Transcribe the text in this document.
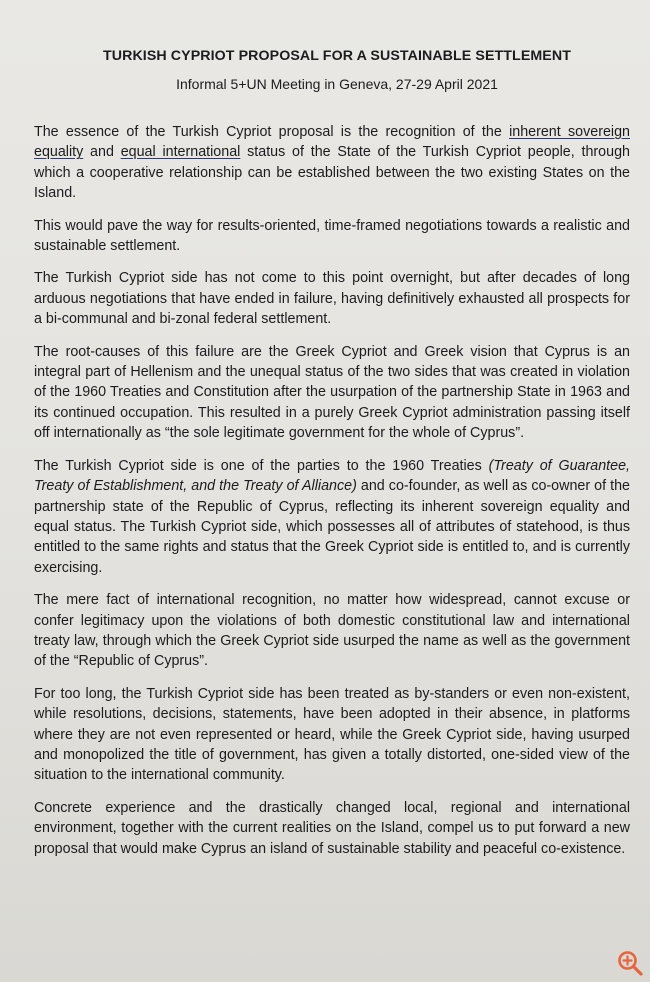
TURKISH CYPRIOT PROPOSAL FOR A SUSTAINABLE SETTLEMENT
Informal 5+UN Meeting in Geneva, 27-29 April 2021

The essence of the Turkish Cypriot proposal is the recognition of the inherent sovereign equality and equal international status of the State of the Turkish Cypriot people, through which a cooperative relationship can be established between the two existing States on the Island.

This would pave the way for results-oriented, time-framed negotiations towards a realistic and sustainable settlement.

The Turkish Cypriot side has not come to this point overnight, but after decades of long arduous negotiations that have ended in failure, having definitively exhausted all prospects for a bi-communal and bi-zonal federal settlement.

The root-causes of this failure are the Greek Cypriot and Greek vision that Cyprus is an integral part of Hellenism and the unequal status of the two sides that was created in violation of the 1960 Treaties and Constitution after the usurpation of the partnership State in 1963 and its continued occupation. This resulted in a purely Greek Cypriot administration passing itself off internationally as “the sole legitimate government for the whole of Cyprus”.

The Turkish Cypriot side is one of the parties to the 1960 Treaties (Treaty of Guarantee, Treaty of Establishment, and the Treaty of Alliance) and co-founder, as well as co-owner of the partnership state of the Republic of Cyprus, reflecting its inherent sovereign equality and equal status. The Turkish Cypriot side, which possesses all of attributes of statehood, is thus entitled to the same rights and status that the Greek Cypriot side is entitled to, and is currently exercising.

The mere fact of international recognition, no matter how widespread, cannot excuse or confer legitimacy upon the violations of both domestic constitutional law and international treaty law, through which the Greek Cypriot side usurped the name as well as the government of the “Republic of Cyprus”.

For too long, the Turkish Cypriot side has been treated as by-standers or even non-existent, while resolutions, decisions, statements, have been adopted in their absence, in platforms where they are not even represented or heard, while the Greek Cypriot side, having usurped and monopolized the title of government, has given a totally distorted, one-sided view of the situation to the international community.

Concrete experience and the drastically changed local, regional and international environment, together with the current realities on the Island, compel us to put forward a new proposal that would make Cyprus an island of sustainable stability and peaceful co-existence.
